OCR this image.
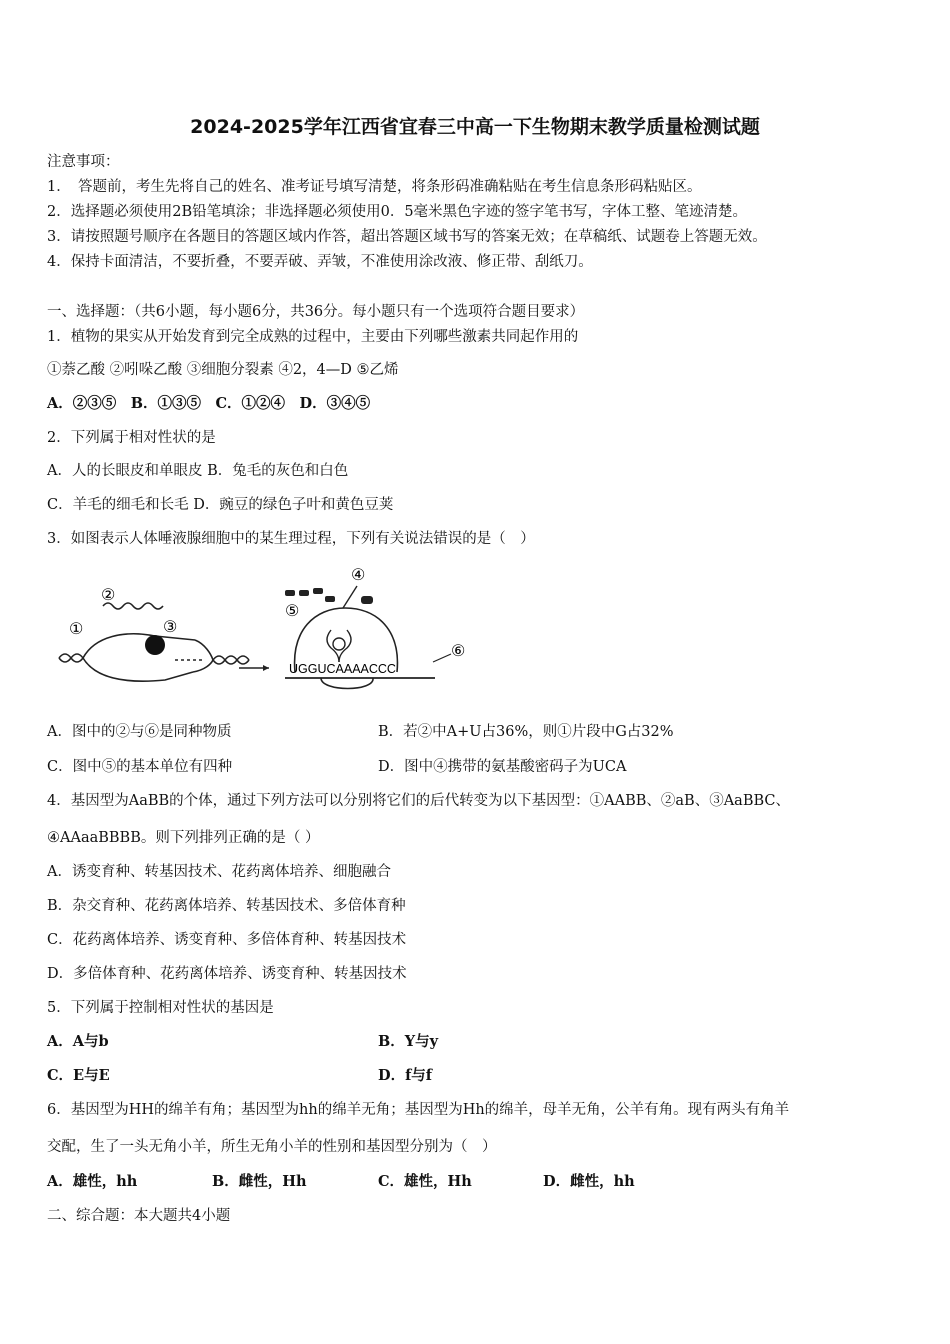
2024-2025学年江西省宜春三中高一下生物期末教学质量检测试题
注意事项：
1．　答题前，考生先将自己的姓名、准考证号填写清楚，将条形码准确粘贴在考生信息条形码粘贴区。
2．选择题必须使用2B铅笔填涂；非选择题必须使用0．5毫米黑色字迹的签字笔书写，字体工整、笔迹清楚。
3．请按照题号顺序在各题目的答题区域内作答，超出答题区域书写的答案无效；在草稿纸、试题卷上答题无效。
4．保持卡面清洁，不要折叠，不要弄破、弄皱，不准使用涂改液、修正带、刮纸刀。
一、选择题：（共6小题，每小题6分，共36分。每小题只有一个选项符合题目要求）
1．植物的果实从开始发育到完全成熟的过程中，主要由下列哪些激素共同起作用的
①萘乙酸 ②吲哚乙酸 ③细胞分裂素 ④2，4—D ⑤乙烯
A．②③⑤　B．①③⑤　C．①②④　D．③④⑤
2．下列属于相对性状的是
A．人的长眼皮和单眼皮 B．兔毛的灰色和白色
C．羊毛的细毛和长毛 D．豌豆的绿色子叶和黄色豆荚
3．如图表示人体唾液腺细胞中的某生理过程，下列有关说法错误的是（　）
①
②
③
④
⑤
UGGUCAAAACCC
⑥
A．图中的②与⑥是同种物质	B．若②中A+U占36%，则①片段中G占32%
C．图中⑤的基本单位有四种	D．图中④携带的氨基酸密码子为UCA
4．基因型为AaBB的个体，通过下列方法可以分别将它们的后代转变为以下基因型：①AABB、②aB、③AaBBC、
④AAaaBBBB。则下列排列正确的是（ ）
A．诱变育种、转基因技术、花药离体培养、细胞融合
B．杂交育种、花药离体培养、转基因技术、多倍体育种
C．花药离体培养、诱变育种、多倍体育种、转基因技术
D．多倍体育种、花药离体培养、诱变育种、转基因技术
5．下列属于控制相对性状的基因是
A．A与b	B．Y与y
C．E与E	D．f与f
6．基因型为HH的绵羊有角；基因型为hh的绵羊无角；基因型为Hh的绵羊，母羊无角，公羊有角。现有两头有角羊
交配，生了一头无角小羊，所生无角小羊的性别和基因型分别为（　）
A．雄性，hh	B．雌性，Hh	C．雄性，Hh	D．雌性，hh
二、综合题：本大题共4小题
